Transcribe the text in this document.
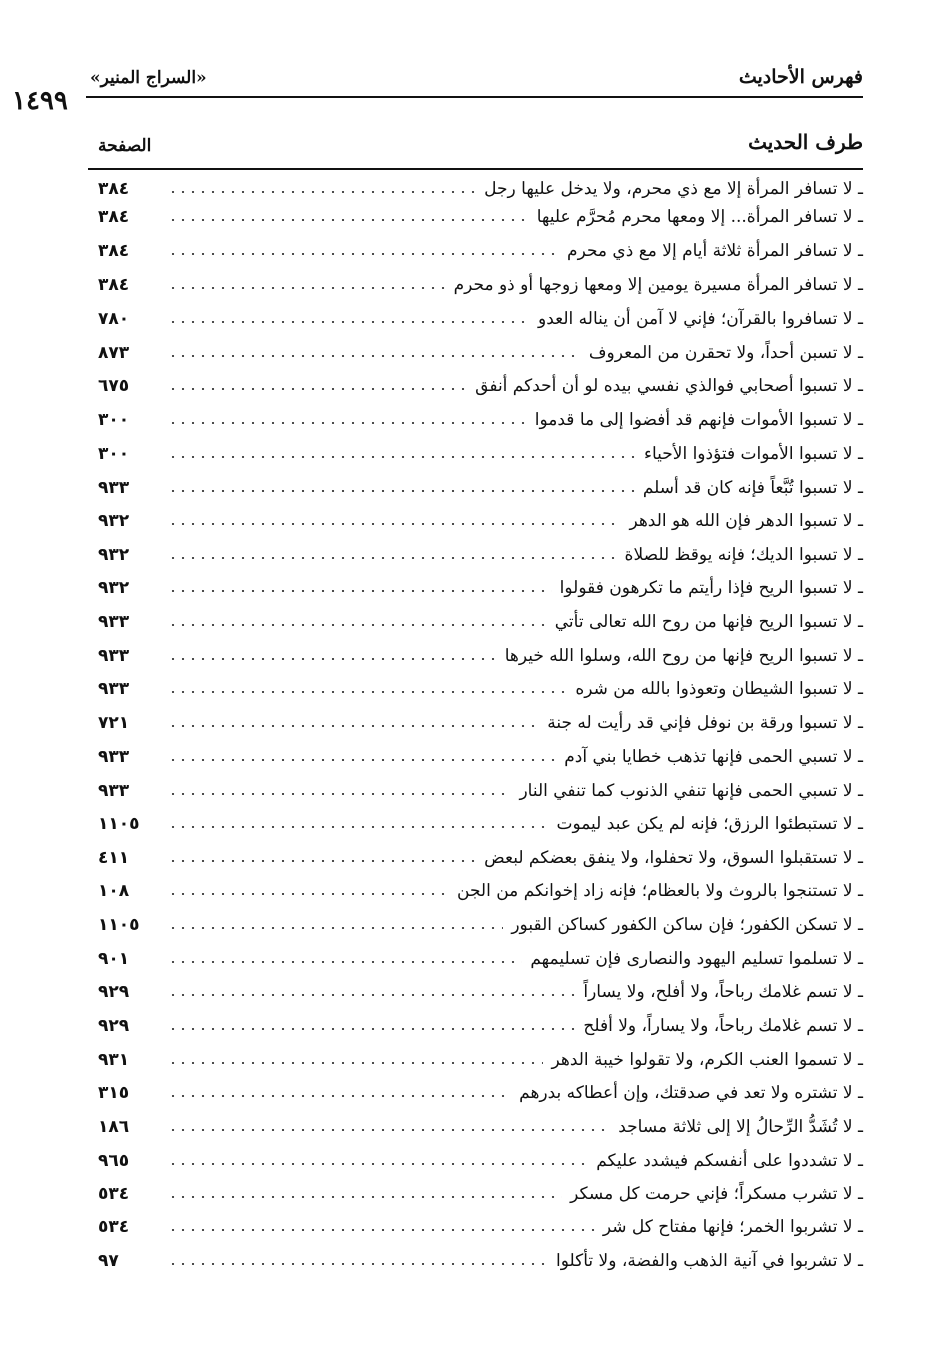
«السراج المنير»	فهرس الأحاديث
١٤٩٩
طرف الحديث
الصفحة
٣٨٤	ـ لا تسافر المرأة إلا مع ذي محرم، ولا يدخل عليها رجل
٣٨٤	ـ لا تسافر المرأة... إلا ومعها محرم مُحرَّم عليها
٣٨٤	ـ لا تسافر المرأة ثلاثة أيام إلا مع ذي محرم
٣٨٤	ـ لا تسافر المرأة مسيرة يومين إلا ومعها زوجها أو ذو محرم
٧٨٠	ـ لا تسافروا بالقرآن؛ فإني لا آمن أن يناله العدو
٨٧٣	ـ لا تسبن أحداً، ولا تحقرن من المعروف
٦٧٥	ـ لا تسبوا أصحابي فوالذي نفسي بيده لو أن أحدكم أنفق
٣٠٠	ـ لا تسبوا الأموات فإنهم قد أفضوا إلى ما قدموا
٣٠٠	ـ لا تسبوا الأموات فتؤذوا الأحياء
٩٣٣	ـ لا تسبوا تُبَّعاً فإنه كان قد أسلم
٩٣٢	ـ لا تسبوا الدهر فإن الله هو الدهر
٩٣٢	ـ لا تسبوا الديك؛ فإنه يوقظ للصلاة
٩٣٢	ـ لا تسبوا الريح فإذا رأيتم ما تكرهون فقولوا
٩٣٣	ـ لا تسبوا الريح فإنها من روح الله تعالى تأتي
٩٣٣	ـ لا تسبوا الريح فإنها من روح الله، وسلوا الله خيرها
٩٣٣	ـ لا تسبوا الشيطان وتعوذوا بالله من شره
٧٢١	ـ لا تسبوا ورقة بن نوفل فإني قد رأيت له جنة
٩٣٣	ـ لا تسبي الحمى فإنها تذهب خطايا بني آدم
٩٣٣	ـ لا تسبي الحمى فإنها تنفي الذنوب كما تنفي النار
١١٠٥	ـ لا تستبطئوا الرزق؛ فإنه لم يكن عبد ليموت
٤١١	ـ لا تستقبلوا السوق، ولا تحفلوا، ولا ينفق بعضكم لبعض
١٠٨	ـ لا تستنجوا بالروث ولا بالعظام؛ فإنه زاد إخوانكم من الجن
١١٠٥	ـ لا تسكن الكفور؛ فإن ساكن الكفور كساكن القبور
٩٠١	ـ لا تسلموا تسليم اليهود والنصارى فإن تسليمهم
٩٢٩	ـ لا تسم غلامك رباحاً، ولا أفلح، ولا يساراً
٩٢٩	ـ لا تسم غلامك رباحاً، ولا يساراً، ولا أفلح
٩٣١	ـ لا تسموا العنب الكرم، ولا تقولوا خيبة الدهر
٣١٥	ـ لا تشتره ولا تعد في صدقتك، وإن أعطاكه بدرهم
١٨٦	ـ لا تُشَدُّ الرِّحالُ إلا إلى ثلاثة مساجد
٩٦٥	ـ لا تشددوا على أنفسكم فيشدد عليكم
٥٣٤	ـ لا تشرب مسكراً؛ فإني حرمت كل مسكر
٥٣٤	ـ لا تشربوا الخمر؛ فإنها مفتاح كل شر
٩٧	ـ لا تشربوا في آنية الذهب والفضة، ولا تأكلوا
